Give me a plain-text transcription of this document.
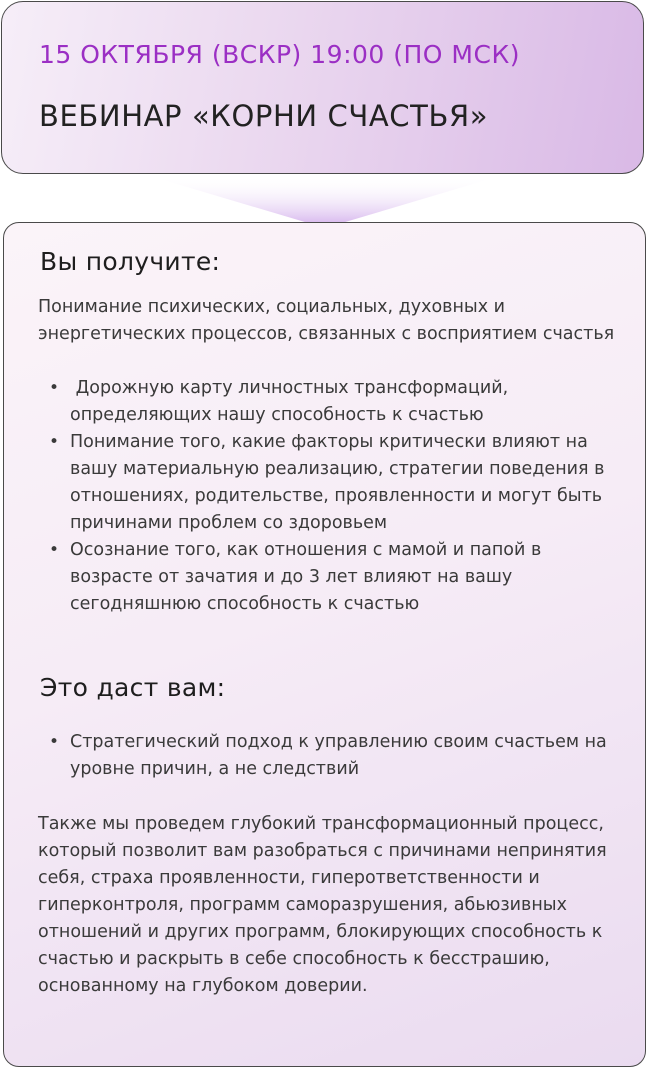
15 ОКТЯБРЯ (ВСКР) 19:00 (ПО МСК)
ВЕБИНАР «КОРНИ СЧАСТЬЯ»
Вы получите:

Понимание психических, социальных, духовных и энергетических процессов, связанных с восприятием счастья

• Дорожную карту личностных трансформаций, определяющих нашу способность к счастью
• Понимание того, какие факторы критически влияют на вашу материальную реализацию, стратегии поведения в отношениях, родительстве, проявленности и могут быть причинами проблем со здоровьем
• Осознание того, как отношения с мамой и папой в возрасте от зачатия и до 3 лет влияют на вашу сегодняшнюю способность к счастью
Это даст вам:
• Стратегический подход к управлению своим счастьем на уровне причин, а не следствий

Также мы проведем глубокий трансформационный процесс, который позволит вам разобраться с причинами непринятия себя, страха проявленности, гиперответственности и гиперконтроля, программ саморазрушения, абьюзивных отношений и других программ, блокирующих способность к счастью и раскрыть в себе способность к бесстрашию, основанному на глубоком доверии.
